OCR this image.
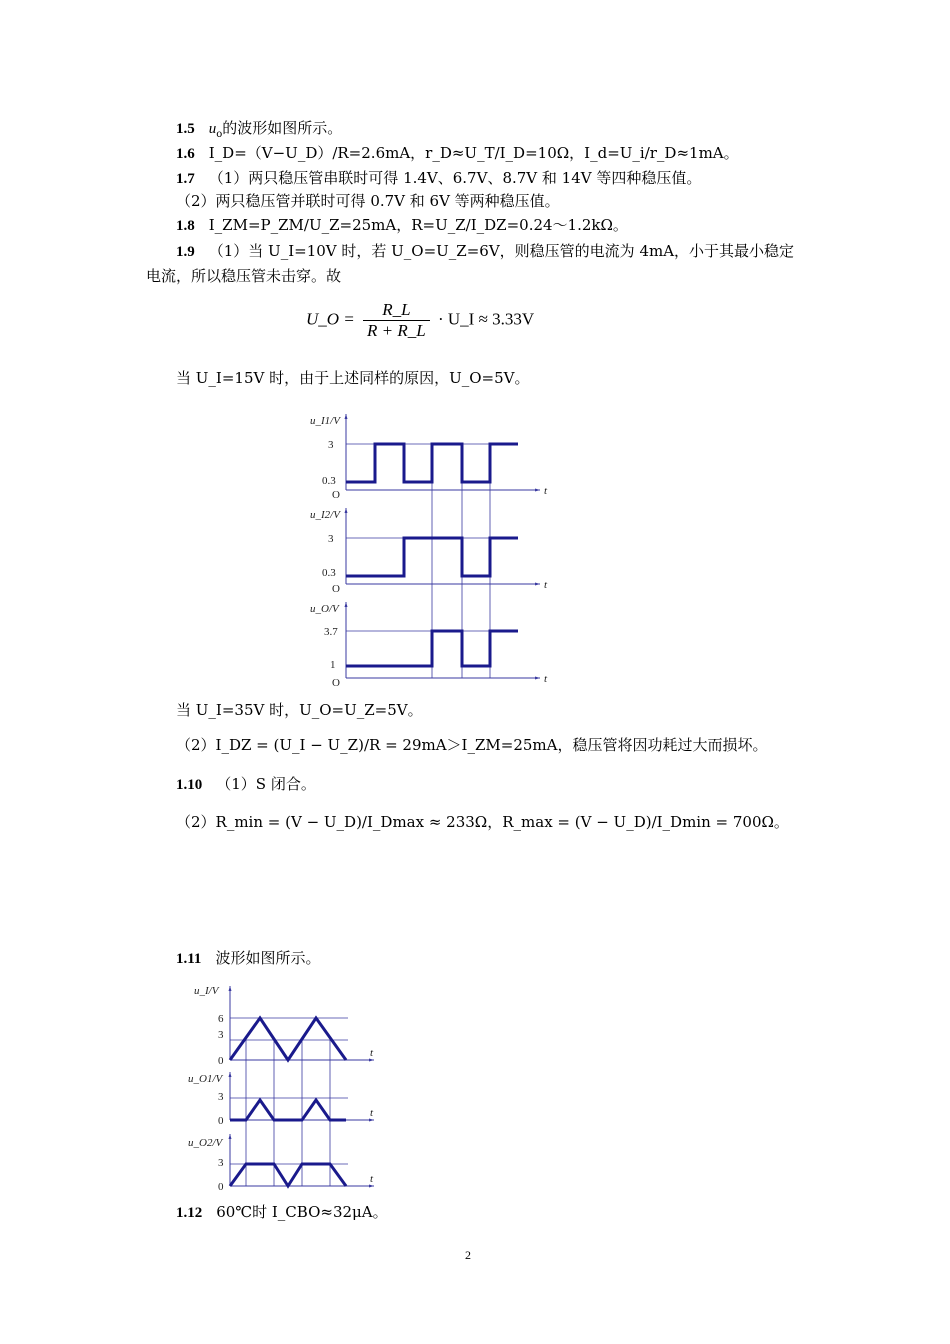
1.5 $u_o$的波形如图所示。
1.6 I_D=（V−U_D）/R=2.6mA，r_D≈U_T/I_D=10Ω，I_d=U_i/r_D≈1mA。
1.7 （1）两只稳压管串联时可得 1.4V、6.7V、8.7V 和 14V 等四种稳压值。
（2）两只稳压管并联时可得 0.7V 和 6V 等两种稳压值。
1.8 I_ZM=P_ZM/U_Z=25mA，R=U_Z/I_DZ=0.24～1.2kΩ。
1.9 （1）当 U_I=10V 时，若 U_O=U_Z=6V，则稳压管的电流为 4mA，小于其最小稳定
电流，所以稳压管未击穿。故
U_O = $\frac{R\_L}{R + R\_L}$ · U_I ≈ 3.33V
当 U_I=15V 时，由于上述同样的原因，U_O=5V。
u_I1/V
3
0.3
O	t
u_I2/V
3
0.3
O	t
u_O/V
3.7
1
O	t
当 U_I=35V 时，U_O=U_Z=5V。
（2）I_DZ = (U_I − U_Z)/R = 29mA＞I_ZM=25mA，稳压管将因功耗过大而损坏。
1.10 （1）S 闭合。
（2）R_min = (V − U_D)/I_Dmax ≈ 233Ω，R_max = (V − U_D)/I_Dmin = 700Ω。
1.11 波形如图所示。
u_I/V
6
3
0
t
u_O1/V
3
0
t
u_O2/V
3
0
t
1.12 60℃时 I_CBO≈32μA。
2
